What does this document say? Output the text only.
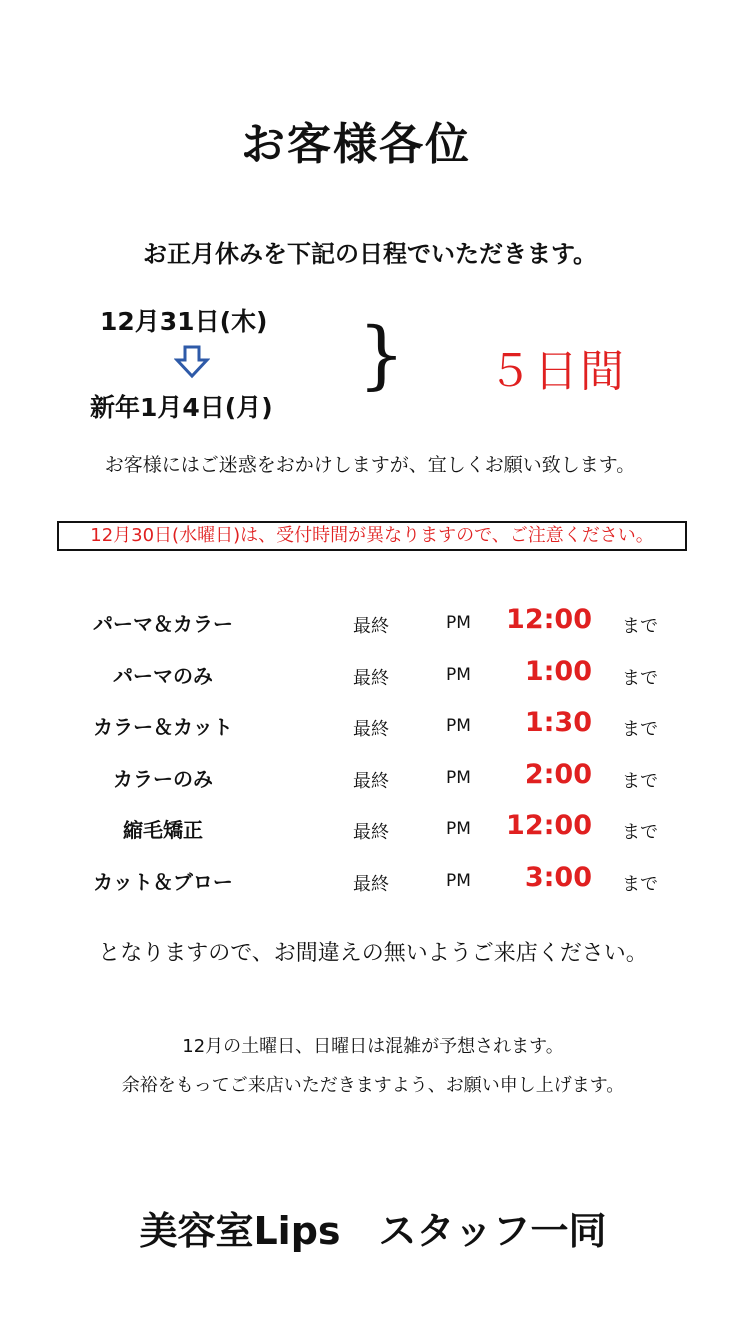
お客様各位
お正月休みを下記の日程でいただきます。
12月31日(木)
新年1月4日(月)
} ５日間
お客様にはご迷惑をおかけしますが、宜しくお願い致します。
12月30日(水曜日)は、受付時間が異なりますので、ご注意ください。
パーマ＆カラー	最終	PM	12:00 まで
パーマのみ	最終	PM	1:00 まで
カラー＆カット	最終	PM	1:30 まで
カラーのみ	最終	PM	2:00 まで
縮毛矯正	最終	PM	12:00 まで
カット＆ブロー	最終	PM	3:00 まで
となりますので、お間違えの無いようご来店ください。
12月の土曜日、日曜日は混雑が予想されます。
余裕をもってご来店いただきますよう、お願い申し上げます。
美容室Lips　スタッフ一同
